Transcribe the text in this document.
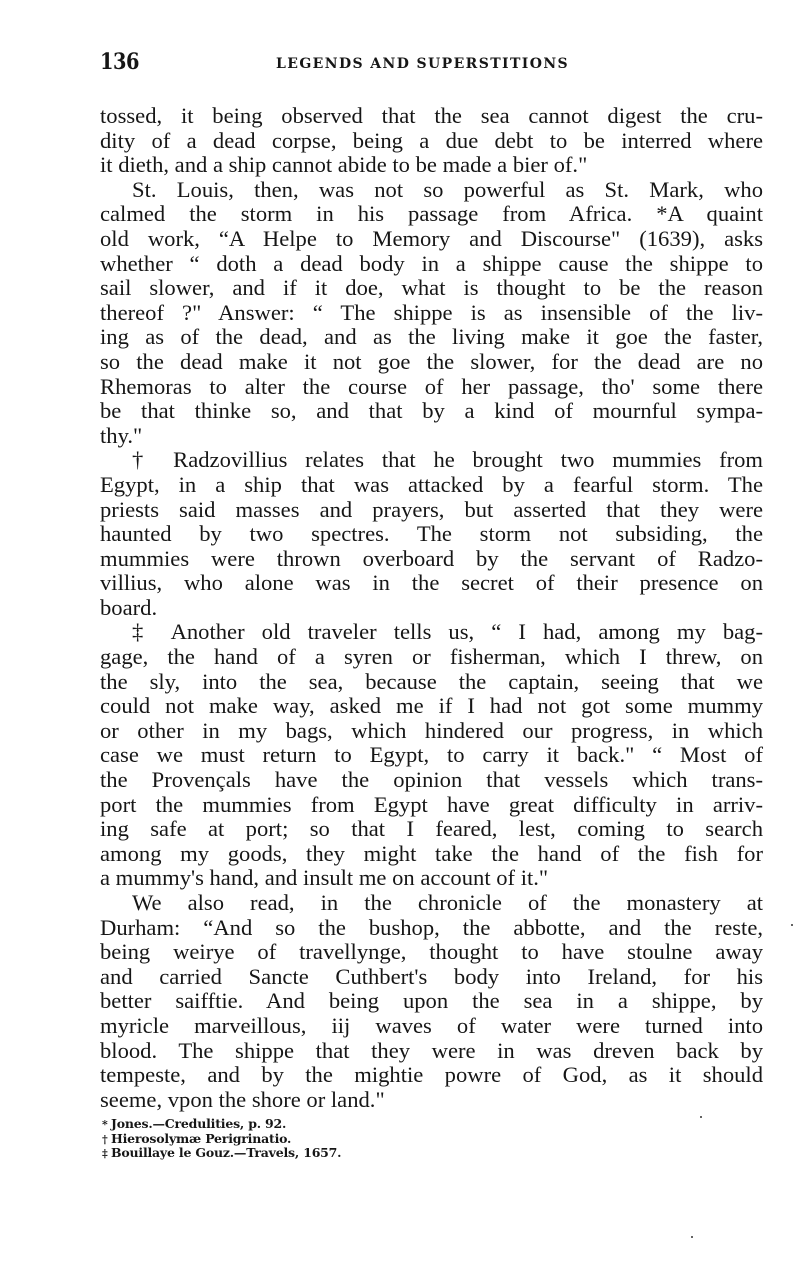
136	LEGENDS AND SUPERSTITIONS

tossed, it being observed that the sea cannot digest the cru-
dity of a dead corpse, being a due debt to be interred where
it dieth, and a ship cannot abide to be made a bier of."

St. Louis, then, was not so powerful as St. Mark, who
calmed the storm in his passage from Africa. *A quaint
old work, “A Helpe to Memory and Discourse" (1639), asks
whether “ doth a dead body in a shippe cause the shippe to
sail slower, and if it doe, what is thought to be the reason
thereof ?" Answer: “ The shippe is as insensible of the liv-
ing as of the dead, and as the living make it goe the faster,
so the dead make it not goe the slower, for the dead are no
Rhemoras to alter the course of her passage, tho' some there
be that thinke so, and that by a kind of mournful sympa-
thy."

† Radzovillius relates that he brought two mummies from
Egypt, in a ship that was attacked by a fearful storm. The
priests said masses and prayers, but asserted that they were
haunted by two spectres. The storm not subsiding, the
mummies were thrown overboard by the servant of Radzo-
villius, who alone was in the secret of their presence on
board.

‡ Another old traveler tells us, “ I had, among my bag-
gage, the hand of a syren or fisherman, which I threw, on
the sly, into the sea, because the captain, seeing that we
could not make way, asked me if I had not got some mummy
or other in my bags, which hindered our progress, in which
case we must return to Egypt, to carry it back." “ Most of
the Provençals have the opinion that vessels which trans-
port the mummies from Egypt have great difficulty in arriv-
ing safe at port; so that I feared, lest, coming to search
among my goods, they might take the hand of the fish for
a mummy's hand, and insult me on account of it."

We also read, in the chronicle of the monastery at
Durham: “And so the bushop, the abbotte, and the reste,
being weirye of travellynge, thought to have stoulne away
and carried Sancte Cuthbert's body into Ireland, for his
better saifftie. And being upon the sea in a shippe, by
myricle marveillous, iij waves of water were turned into
blood. The shippe that they were in was dreven back by
tempeste, and by the mightie powre of God, as it should
seeme, vpon the shore or land."

* Jones.—Credulities, p. 92.
† Hierosolymæ Perigrinatio.
‡ Bouillaye le Gouz.—Travels, 1657.
